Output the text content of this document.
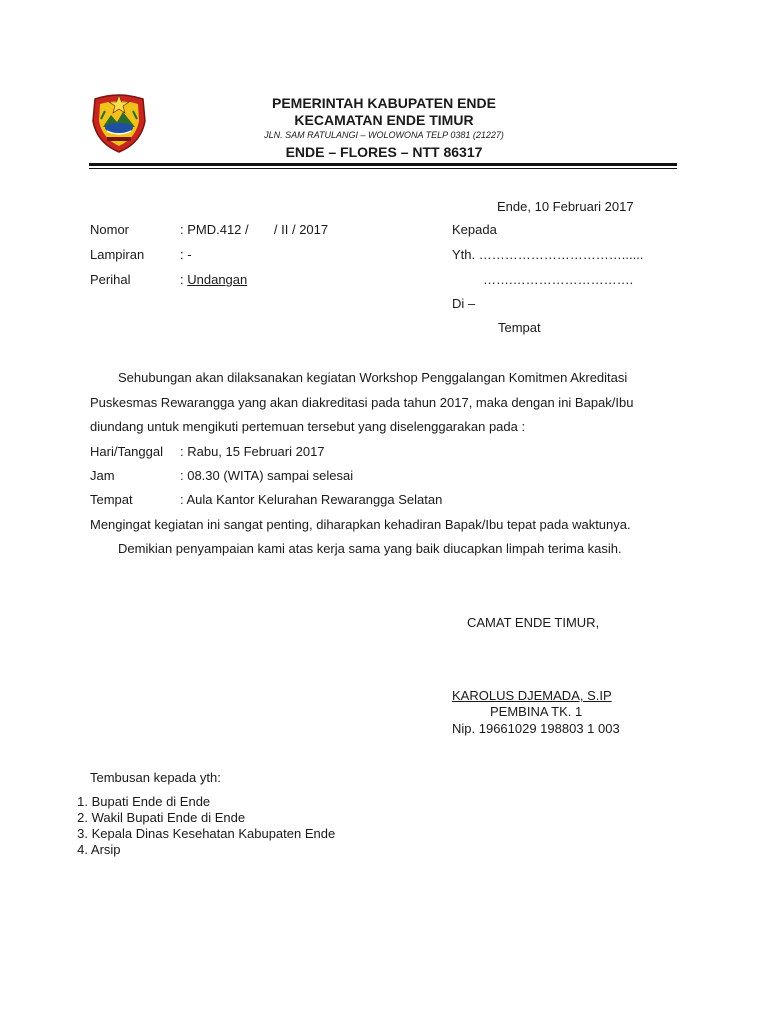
PEMERINTAH KABUPATEN ENDE
KECAMATAN ENDE TIMUR
JLN. SAM RATULANGI – WOLOWONA TELP 0381 (21227)
ENDE – FLORES – NTT 86317
Ende, 10 Februari 2017
Nomor	: PMD.412 /       / II / 2017
Lampiran	: -
Perihal	: Undangan
Kepada
Yth. ……………………………......
…….……………………….
Di –
Tempat
Sehubungan akan dilaksanakan kegiatan Workshop Penggalangan Komitmen Akreditasi
Puskesmas Rewarangga yang akan diakreditasi pada tahun 2017, maka dengan ini Bapak/Ibu
diundang untuk mengikuti pertemuan tersebut yang diselenggarakan pada :
Hari/Tanggal : Rabu, 15 Februari 2017
Jam	: 08.30 (WITA) sampai selesai
Tempat	: Aula Kantor Kelurahan Rewarangga Selatan
Mengingat kegiatan ini sangat penting, diharapkan kehadiran Bapak/Ibu tepat pada waktunya.
Demikian penyampaian kami atas kerja sama yang baik diucapkan limpah terima kasih.
CAMAT ENDE TIMUR,
KAROLUS DJEMADA, S.IP
PEMBINA TK. 1
Nip. 19661029 198803 1 003
Tembusan kepada yth:
1. Bupati Ende di Ende
2. Wakil Bupati Ende di Ende
3. Kepala Dinas Kesehatan Kabupaten Ende
4. Arsip
